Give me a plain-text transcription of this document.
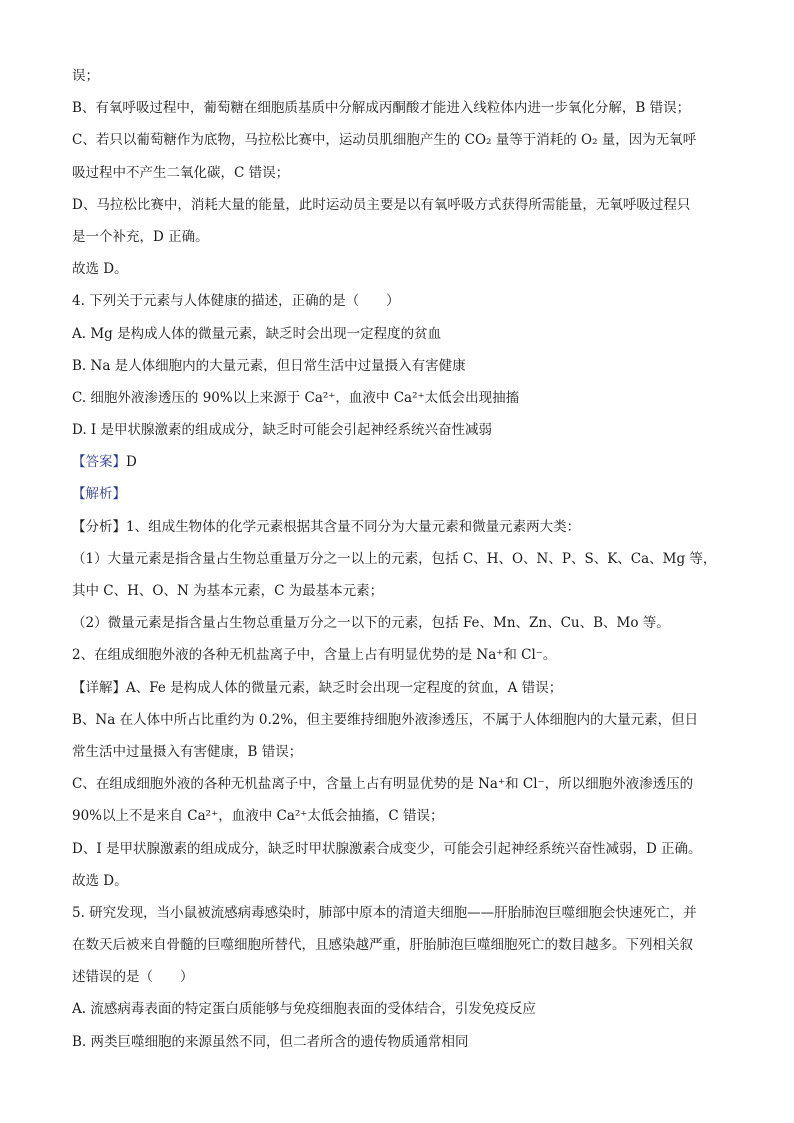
误；
B、有氧呼吸过程中，葡萄糖在细胞质基质中分解成丙酮酸才能进入线粒体内进一步氧化分解，B 错误；
C、若只以葡萄糖作为底物，马拉松比赛中，运动员肌细胞产生的 CO₂ 量等于消耗的 O₂ 量，因为无氧呼
吸过程中不产生二氧化碳，C 错误；
D、马拉松比赛中，消耗大量的能量，此时运动员主要是以有氧呼吸方式获得所需能量，无氧呼吸过程只
是一个补充，D 正确。
故选 D。
4. 下列关于元素与人体健康的描述，正确的是（　　）
A. Mg 是构成人体的微量元素，缺乏时会出现一定程度的贫血
B. Na 是人体细胞内的大量元素，但日常生活中过量摄入有害健康
C. 细胞外液渗透压的 90%以上来源于 Ca²⁺，血液中 Ca²⁺太低会出现抽搐
D. I 是甲状腺激素的组成成分，缺乏时可能会引起神经系统兴奋性减弱
【答案】D
【解析】
【分析】1、组成生物体的化学元素根据其含量不同分为大量元素和微量元素两大类：
（1）大量元素是指含量占生物总重量万分之一以上的元素，包括 C、H、O、N、P、S、K、Ca、Mg 等，
其中 C、H、O、N 为基本元素，C 为最基本元素；
（2）微量元素是指含量占生物总重量万分之一以下的元素，包括 Fe、Mn、Zn、Cu、B、Mo 等。
2、在组成细胞外液的各种无机盐离子中，含量上占有明显优势的是 Na⁺和 Cl⁻。
【详解】A、Fe 是构成人体的微量元素，缺乏时会出现一定程度的贫血，A 错误；
B、Na 在人体中所占比重约为 0.2%，但主要维持细胞外液渗透压，不属于人体细胞内的大量元素，但日
常生活中过量摄入有害健康，B 错误；
C、在组成细胞外液的各种无机盐离子中，含量上占有明显优势的是 Na⁺和 Cl⁻，所以细胞外液渗透压的
90%以上不是来自 Ca²⁺，血液中 Ca²⁺太低会抽搐，C 错误；
D、I 是甲状腺激素的组成成分，缺乏时甲状腺激素合成变少，可能会引起神经系统兴奋性减弱，D 正确。
故选 D。
5. 研究发现，当小鼠被流感病毒感染时，肺部中原本的清道夫细胞——肝胎肺泡巨噬细胞会快速死亡，并
在数天后被来自骨髓的巨噬细胞所替代，且感染越严重，肝胎肺泡巨噬细胞死亡的数目越多。下列相关叙
述错误的是（　　）
A. 流感病毒表面的特定蛋白质能够与免疫细胞表面的受体结合，引发免疫反应
B. 两类巨噬细胞的来源虽然不同，但二者所含的遗传物质通常相同
